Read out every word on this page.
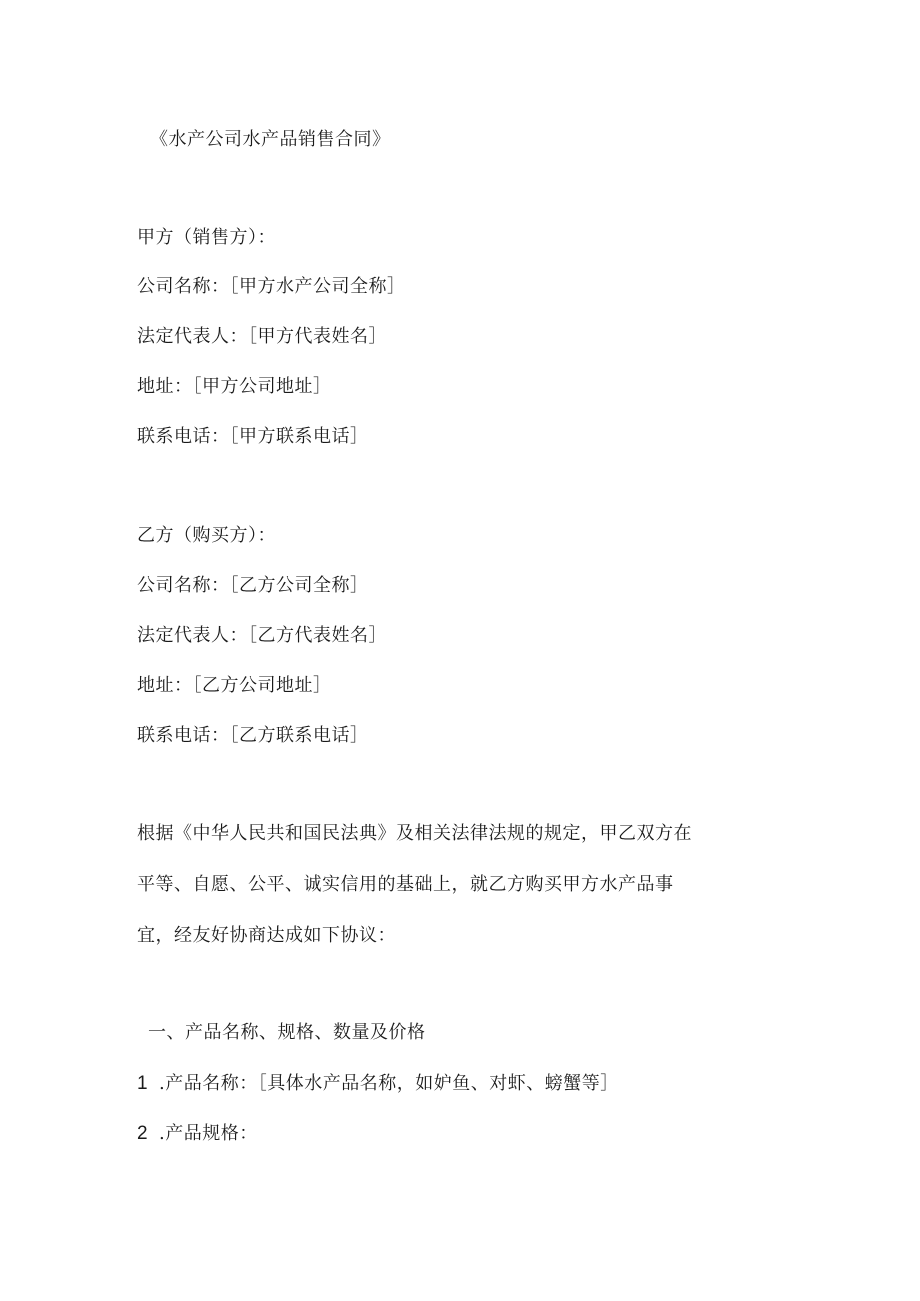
《水产公司水产品销售合同》
甲方（销售方）：
公司名称：［甲方水产公司全称］
法定代表人：［甲方代表姓名］
地址：［甲方公司地址］
联系电话：［甲方联系电话］
乙方（购买方）：
公司名称：［乙方公司全称］
法定代表人：［乙方代表姓名］
地址：［乙方公司地址］
联系电话：［乙方联系电话］
根据《中华人民共和国民法典》及相关法律法规的规定，甲乙双方在
平等、自愿、公平、诚实信用的基础上，就乙方购买甲方水产品事
宜，经友好协商达成如下协议：
一、产品名称、规格、数量及价格
1 .产品名称：［具体水产品名称，如妒鱼、对虾、螃蟹等］
2 .产品规格：
